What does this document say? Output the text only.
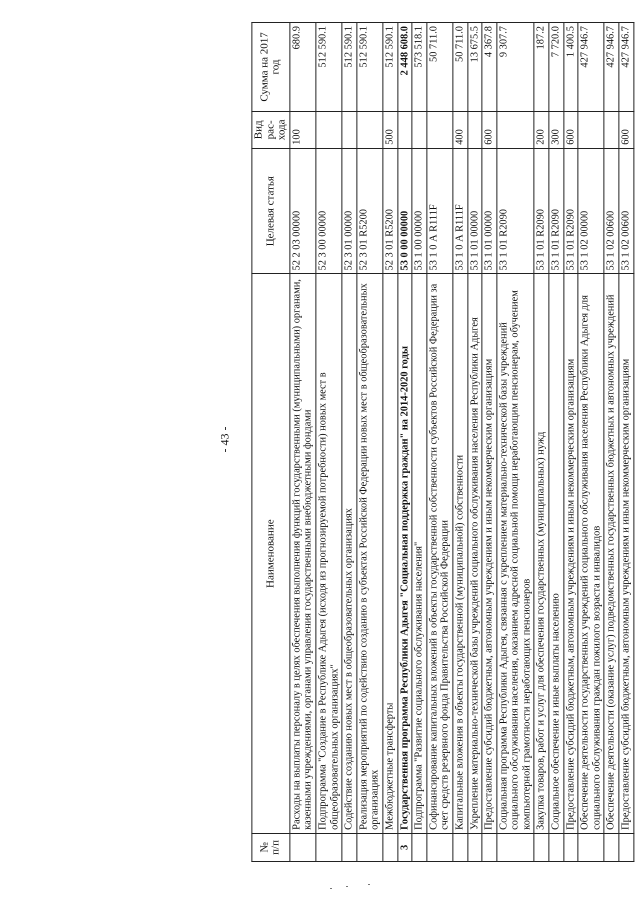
- 43 -
№ п/п	Наименование	Целевая статья	Вид рас-хода	Сумма на 2017 год
	Расходы на выплаты персоналу в целях обеспечения выполнения функций государственными (муниципальными) органами, казенными учреждениями, органами управления государственными внебюджетными фондами	52 2 03 00000	100	680.9
	Подпрограмма "Создание в Республике Адыгея (исходя из прогнозируемой потребности) новых мест в общеобразовательных организациях"	52 3 00 00000		512 590.1
	Содействие созданию новых мест в общеобразовательных организациях	52 3 01 00000		512 590.1
	Реализация мероприятий по содействию созданию в субъектах Российской Федерации новых мест в общеобразовательных организациях	52 3 01 R5200		512 590.1
	Межбюджетные трансферты	52 3 01 R5200	500	512 590.1
3	Государственная программа Республики Адыгея "Социальная поддержка граждан" на 2014-2020 годы	53 0 00 00000		2 448 608.0
	Подпрограмма "Развитие социального обслуживания населения"	53 1 00 00000		573 518.1
	Софинансирование капитальных вложений в объекты государственной собственности субъектов Российской Федерации за счет средств резервного фонда Правительства Российской Федерации	53 1 0 А R111F		50 711.0
	Капитальные вложения в объекты государственной (муниципальной) собственности	53 1 0 А R111F	400	50 711.0
	Укрепление материально-технической базы учреждений социального обслуживания населения Республики Адыгея	53 1 01 00000		13 675.5
	Предоставление субсидий бюджетным, автономным учреждениям и иным некоммерческим организациям	53 1 01 00000	600	4 367.8
	Социальная программа Республики Адыгея, связанная с укреплением материально-технической базы учреждений социального обслуживания населения, оказанием адресной социальной помощи неработающим пенсионерам, обучением компьютерной грамотности неработающих пенсионеров	53 1 01 R2090		9 307.7
	Закупка товаров, работ и услуг для обеспечения государственных (муниципальных) нужд	53 1 01 R2090	200	187.2
	Социальное обеспечение и иные выплаты населению	53 1 01 R2090	300	7 720.0
	Предоставление субсидий бюджетным, автономным учреждениям и иным некоммерческим организациям	53 1 01 R2090	600	1 400.5
	Обеспечение деятельности государственных учреждений социального обслуживания населения Республики Адыгея для социального обслуживания граждан пожилого возраста и инвалидов	53 1 02 00000		427 946.7
	Обеспечение деятельности (оказание услуг) подведомственных государственных бюджетных и автономных учреждений	53 1 02 00600		427 946.7
	Предоставление субсидий бюджетным, автономным учреждениям и иным некоммерческим организациям	53 1 02 00600	600	427 946.7
